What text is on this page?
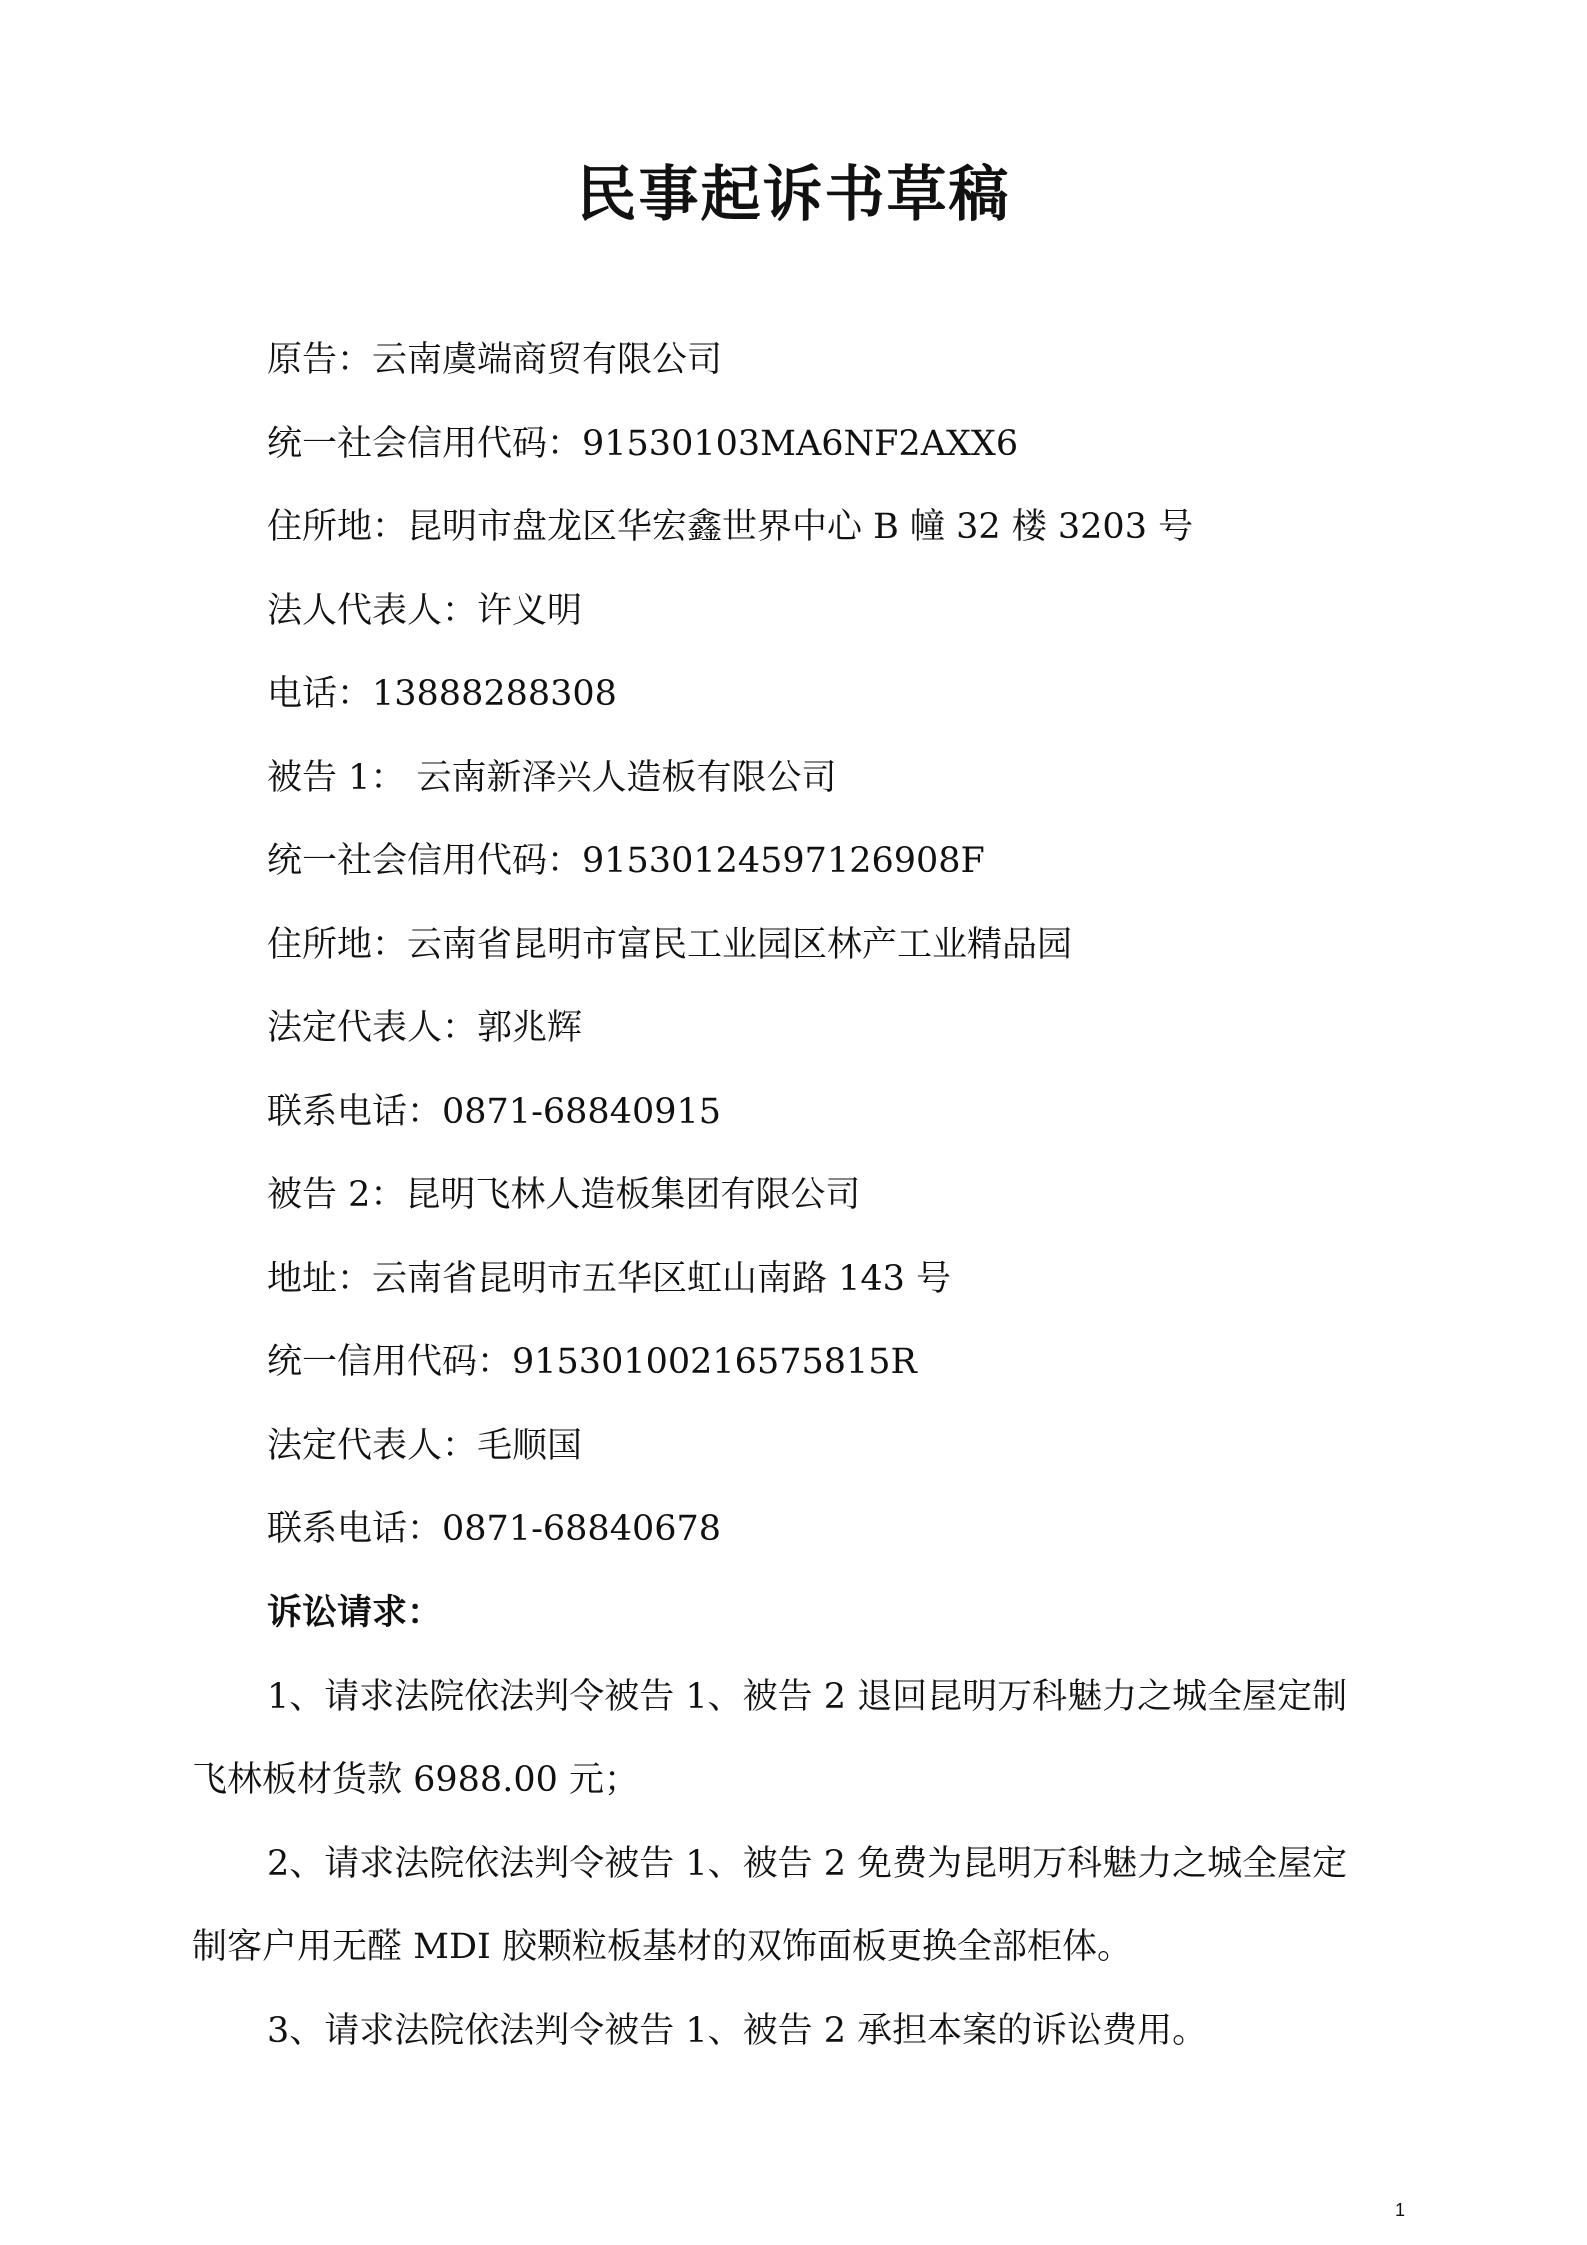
民事起诉书草稿
原告：云南虞端商贸有限公司
统一社会信用代码：91530103MA6NF2AXX6
住所地：昆明市盘龙区华宏鑫世界中心 B 幢 32 楼 3203 号
法人代表人：许义明
电话：13888288308
被告 1： 云南新泽兴人造板有限公司
统一社会信用代码：91530124597126908F
住所地：云南省昆明市富民工业园区林产工业精品园
法定代表人：郭兆辉
联系电话：0871-68840915
被告 2：昆明飞林人造板集团有限公司
地址：云南省昆明市五华区虹山南路 143 号
统一信用代码：91530100216575815R
法定代表人：毛顺国
联系电话：0871-68840678
诉讼请求：
1、请求法院依法判令被告 1、被告 2 退回昆明万科魅力之城全屋定制
飞林板材货款 6988.00 元；
2、请求法院依法判令被告 1、被告 2 免费为昆明万科魅力之城全屋定
制客户用无醛 MDI 胶颗粒板基材的双饰面板更换全部柜体。
3、请求法院依法判令被告 1、被告 2 承担本案的诉讼费用。
1
